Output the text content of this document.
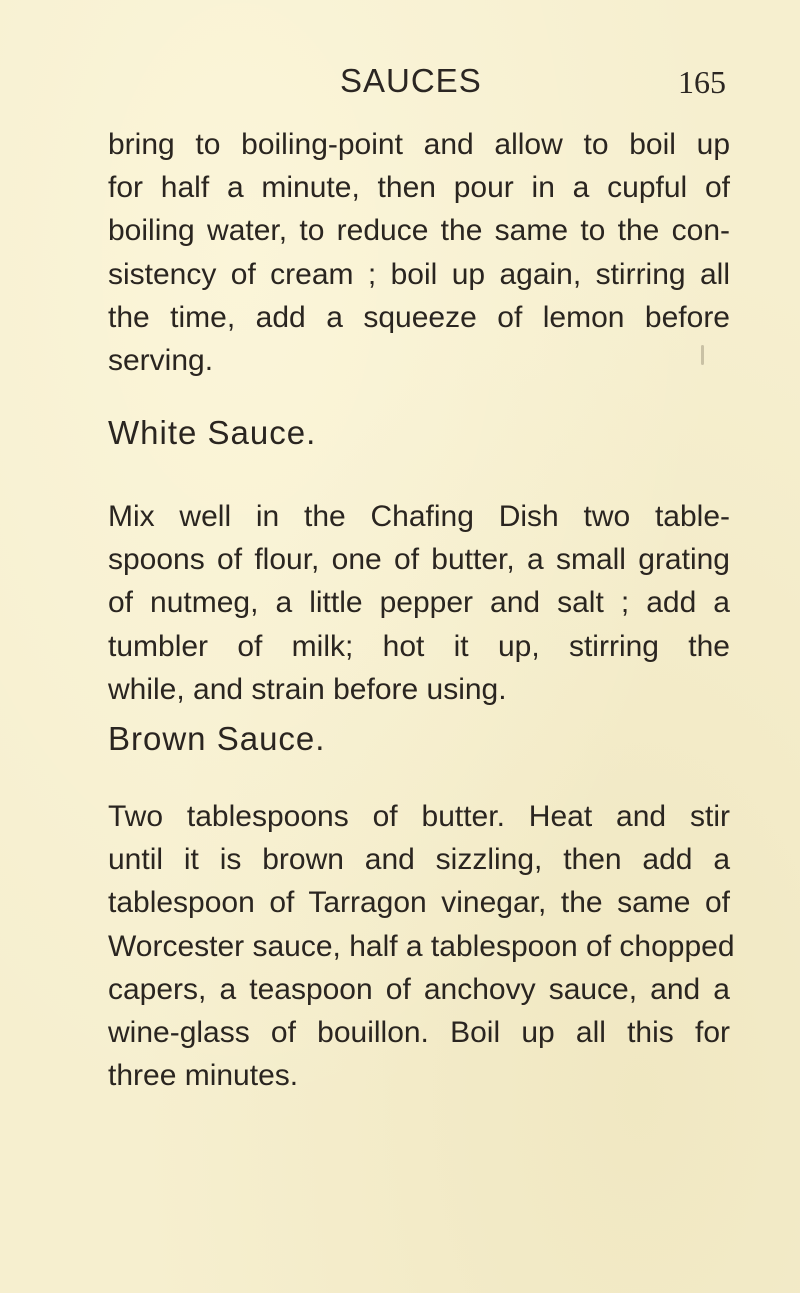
SAUCES	165
bring to boiling-point and allow to boil up
for half a minute, then pour in a cupful of
boiling water, to reduce the same to the con-
sistency of cream ; boil up again, stirring all
the time, add a squeeze of lemon before
serving.
White Sauce.
Mix well in the Chafing Dish two table-
spoons of flour, one of butter, a small grating
of nutmeg, a little pepper and salt ; add a
tumbler of milk; hot it up, stirring the
while, and strain before using.
Brown Sauce.
Two tablespoons of butter. Heat and stir
until it is brown and sizzling, then add a
tablespoon of Tarragon vinegar, the same of
Worcester sauce, half a tablespoon of chopped
capers, a teaspoon of anchovy sauce, and a
wine-glass of bouillon. Boil up all this for
three minutes.
